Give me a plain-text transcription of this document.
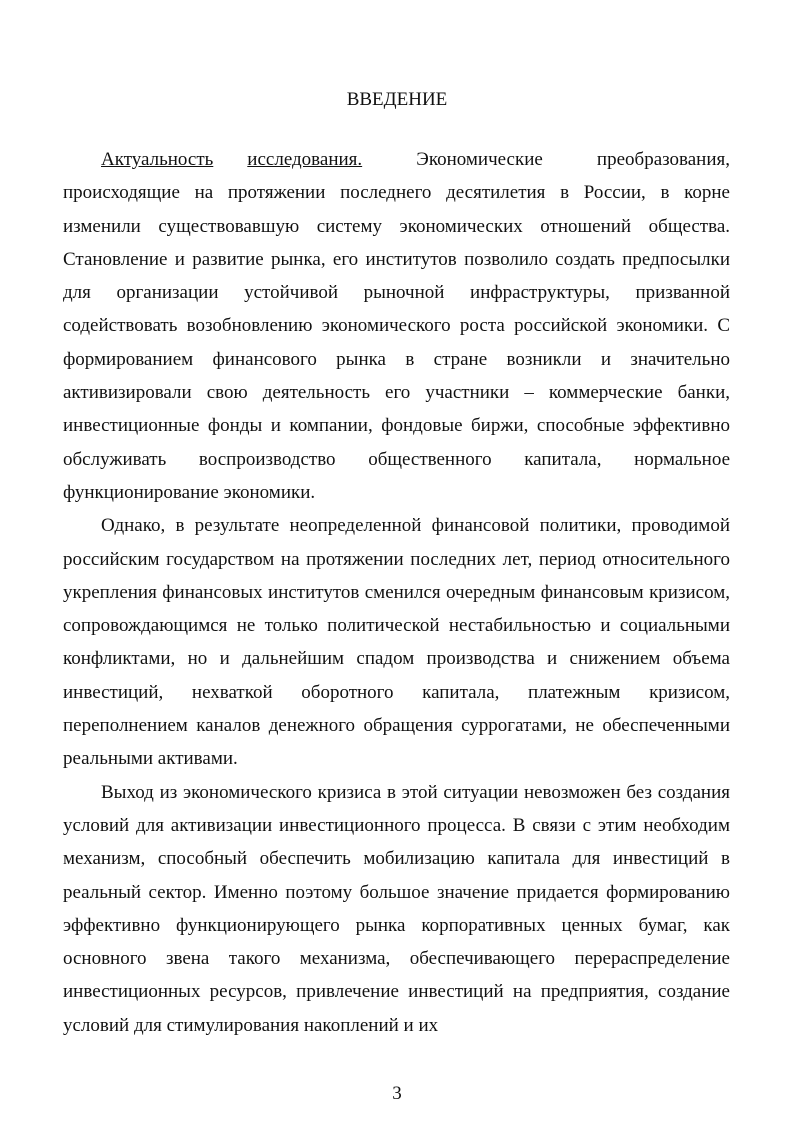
ВВЕДЕНИЕ

Актуальность исследования.	Экономические преобразования, происходящие на протяжении последнего десятилетия в России, в корне изменили существовавшую систему экономических отношений общества. Становление и развитие рынка, его институтов позволило создать предпосылки для организации устойчивой рыночной инфраструктуры, призванной содействовать возобновлению экономического роста российской экономики. С формированием финансового рынка в стране возникли и значительно активизировали свою деятельность его участники – коммерческие банки, инвестиционные фонды и компании, фондовые биржи, способные эффективно обслуживать воспроизводство общественного капитала, нормальное функционирование экономики.

Однако, в результате неопределенной финансовой политики, проводимой российским государством на протяжении последних лет, период относительного укрепления финансовых институтов сменился очередным финансовым кризисом, сопровождающимся не только политической нестабильностью и социальными конфликтами, но и дальнейшим спадом производства и снижением объема инвестиций, нехваткой оборотного капитала, платежным кризисом, переполнением каналов денежного обращения суррогатами, не обеспеченными реальными активами.

Выход из экономического кризиса в этой ситуации невозможен без создания условий для активизации инвестиционного процесса. В связи с этим необходим механизм, способный обеспечить мобилизацию капитала для инвестиций в реальный сектор. Именно поэтому большое значение придается формированию эффективно функционирующего рынка корпоративных ценных бумаг, как основного звена такого механизма, обеспечивающего перераспределение инвестиционных ресурсов, привлечение инвестиций на предприятия, создание условий для стимулирования накоплений и их

3
